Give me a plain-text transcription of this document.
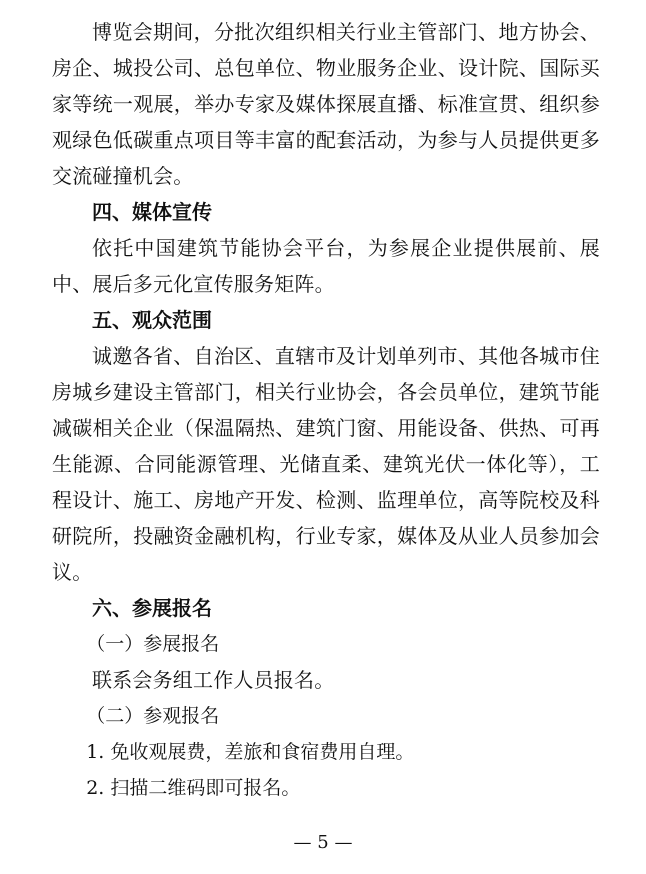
博览会期间，分批次组织相关行业主管部门、地方协会、房企、城投公司、总包单位、物业服务企业、设计院、国际买家等统一观展，举办专家及媒体探展直播、标准宣贯、组织参观绿色低碳重点项目等丰富的配套活动，为参与人员提供更多交流碰撞机会。

四、媒体宣传

依托中国建筑节能协会平台，为参展企业提供展前、展中、展后多元化宣传服务矩阵。

五、观众范围

诚邀各省、自治区、直辖市及计划单列市、其他各城市住房城乡建设主管部门，相关行业协会，各会员单位，建筑节能减碳相关企业（保温隔热、建筑门窗、用能设备、供热、可再生能源、合同能源管理、光储直柔、建筑光伏一体化等），工程设计、施工、房地产开发、检测、监理单位，高等院校及科研院所，投融资金融机构，行业专家，媒体及从业人员参加会议。

六、参展报名

（一）参展报名

联系会务组工作人员报名。

（二）参观报名

1. 免收观展费，差旅和食宿费用自理。

2. 扫描二维码即可报名。

— 5 —
